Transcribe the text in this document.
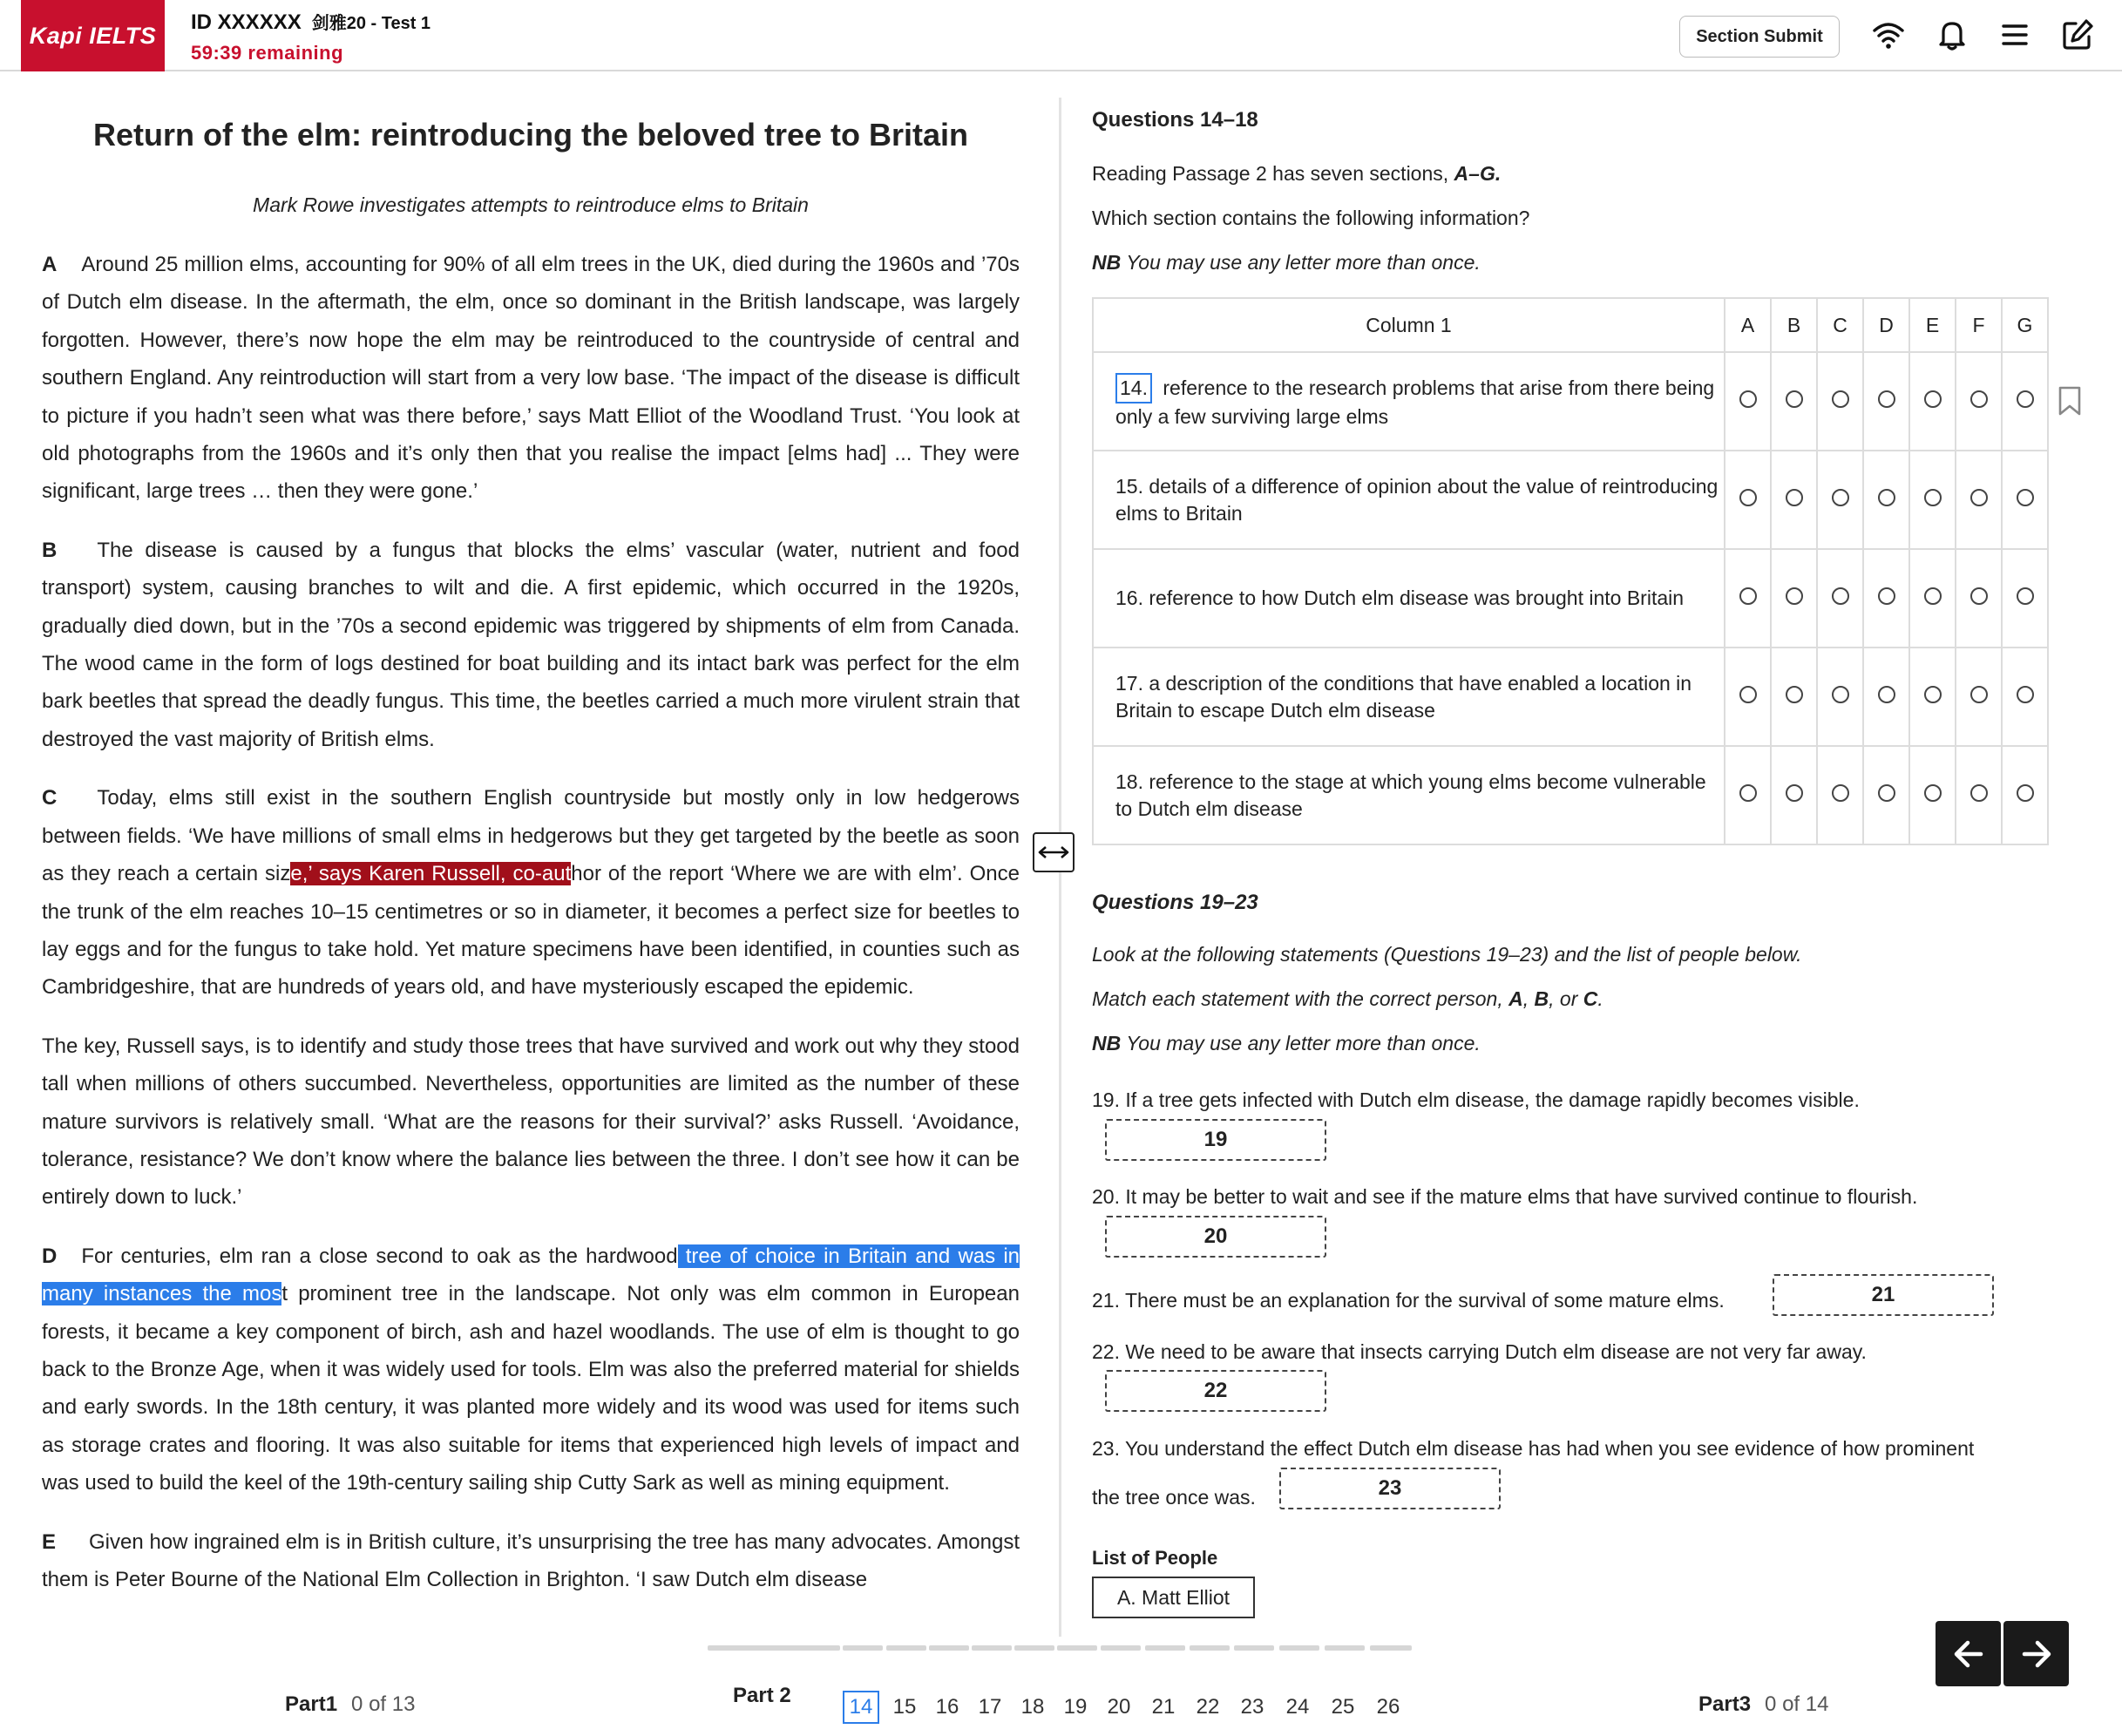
Kapi IELTS	ID XXXXXX 剑雅20 - Test 1
59:39 remaining
Section Submit
Return of the elm: reintroducing the beloved tree to Britain
Mark Rowe investigates attempts to reintroduce elms to Britain

A Around 25 million elms, accounting for 90% of all elm trees in the UK, died during the 1960s and ’70s of Dutch elm disease. In the aftermath, the elm, once so dominant in the British landscape, was largely forgotten. However, there’s now hope the elm may be reintroduced to the countryside of central and southern England. Any reintroduction will start from a very low base. ‘The impact of the disease is difficult to picture if you hadn’t seen what was there before,’ says Matt Elliot of the Woodland Trust. ‘You look at old photographs from the 1960s and it’s only then that you realise the impact [elms had] ... They were significant, large trees … then they were gone.’

B The disease is caused by a fungus that blocks the elms’ vascular (water, nutrient and food transport) system, causing branches to wilt and die. A first epidemic, which occurred in the 1920s, gradually died down, but in the ’70s a second epidemic was triggered by shipments of elm from Canada. The wood came in the form of logs destined for boat building and its intact bark was perfect for the elm bark beetles that spread the deadly fungus. This time, the beetles carried a much more virulent strain that destroyed the vast majority of British elms.

C Today, elms still exist in the southern English countryside but mostly only in low hedgerows between fields. ‘We have millions of small elms in hedgerows but they get targeted by the beetle as soon as they reach a certain size,’ says Karen Russell, co-author of the report ‘Where we are with elm’. Once the trunk of the elm reaches 10–15 centimetres or so in diameter, it becomes a perfect size for beetles to lay eggs and for the fungus to take hold. Yet mature specimens have been identified, in counties such as Cambridgeshire, that are hundreds of years old, and have mysteriously escaped the epidemic.

The key, Russell says, is to identify and study those trees that have survived and work out why they stood tall when millions of others succumbed. Nevertheless, opportunities are limited as the number of these mature survivors is relatively small. ‘What are the reasons for their survival?’ asks Russell. ‘Avoidance, tolerance, resistance? We don’t know where the balance lies between the three. I don’t see how it can be entirely down to luck.’

D For centuries, elm ran a close second to oak as the hardwood tree of choice in Britain and was in many instances the most prominent tree in the landscape. Not only was elm common in European forests, it became a key component of birch, ash and hazel woodlands. The use of elm is thought to go back to the Bronze Age, when it was widely used for tools. Elm was also the preferred material for shields and early swords. In the 18th century, it was planted more widely and its wood was used for items such as storage crates and flooring. It was also suitable for items that experienced high levels of impact and was used to build the keel of the 19th-century sailing ship Cutty Sark as well as mining equipment.

E Given how ingrained elm is in British culture, it’s unsurprising the tree has many advocates. Amongst them is Peter Bourne of the National Elm Collection in Brighton. ‘I saw Dutch elm disease

Questions 14–18
Reading Passage 2 has seven sections, A–G.
Which section contains the following information?
NB You may use any letter more than once.
Column 1	A	B	C	D	E	F	G
14. reference to the research problems that arise from there being only a few surviving large elms							
15. details of a difference of opinion about the value of reintroducing elms to Britain							
16. reference to how Dutch elm disease was brought into Britain							
17. a description of the conditions that have enabled a location in Britain to escape Dutch elm disease							
18. reference to the stage at which young elms become vulnerable to Dutch elm disease							
Questions 19–23
Look at the following statements (Questions 19–23) and the list of people below.
Match each statement with the correct person, A, B, or C.
NB You may use any letter more than once.
19. If a tree gets infected with Dutch elm disease, the damage rapidly becomes visible.
19
20. It may be better to wait and see if the mature elms that have survived continue to flourish.
20
21. There must be an explanation for the survival of some mature elms.	21
22. We need to be aware that insects carrying Dutch elm disease are not very far away.
22
23. You understand the effect Dutch elm disease has had when you see evidence of how prominent
the tree once was.	23
List of People
A. Matt Elliot
Part1 0 of 13	Part 2	14 15 16 17 18 19 20	21	22	23	24	25	26	Part3 0 of 14
